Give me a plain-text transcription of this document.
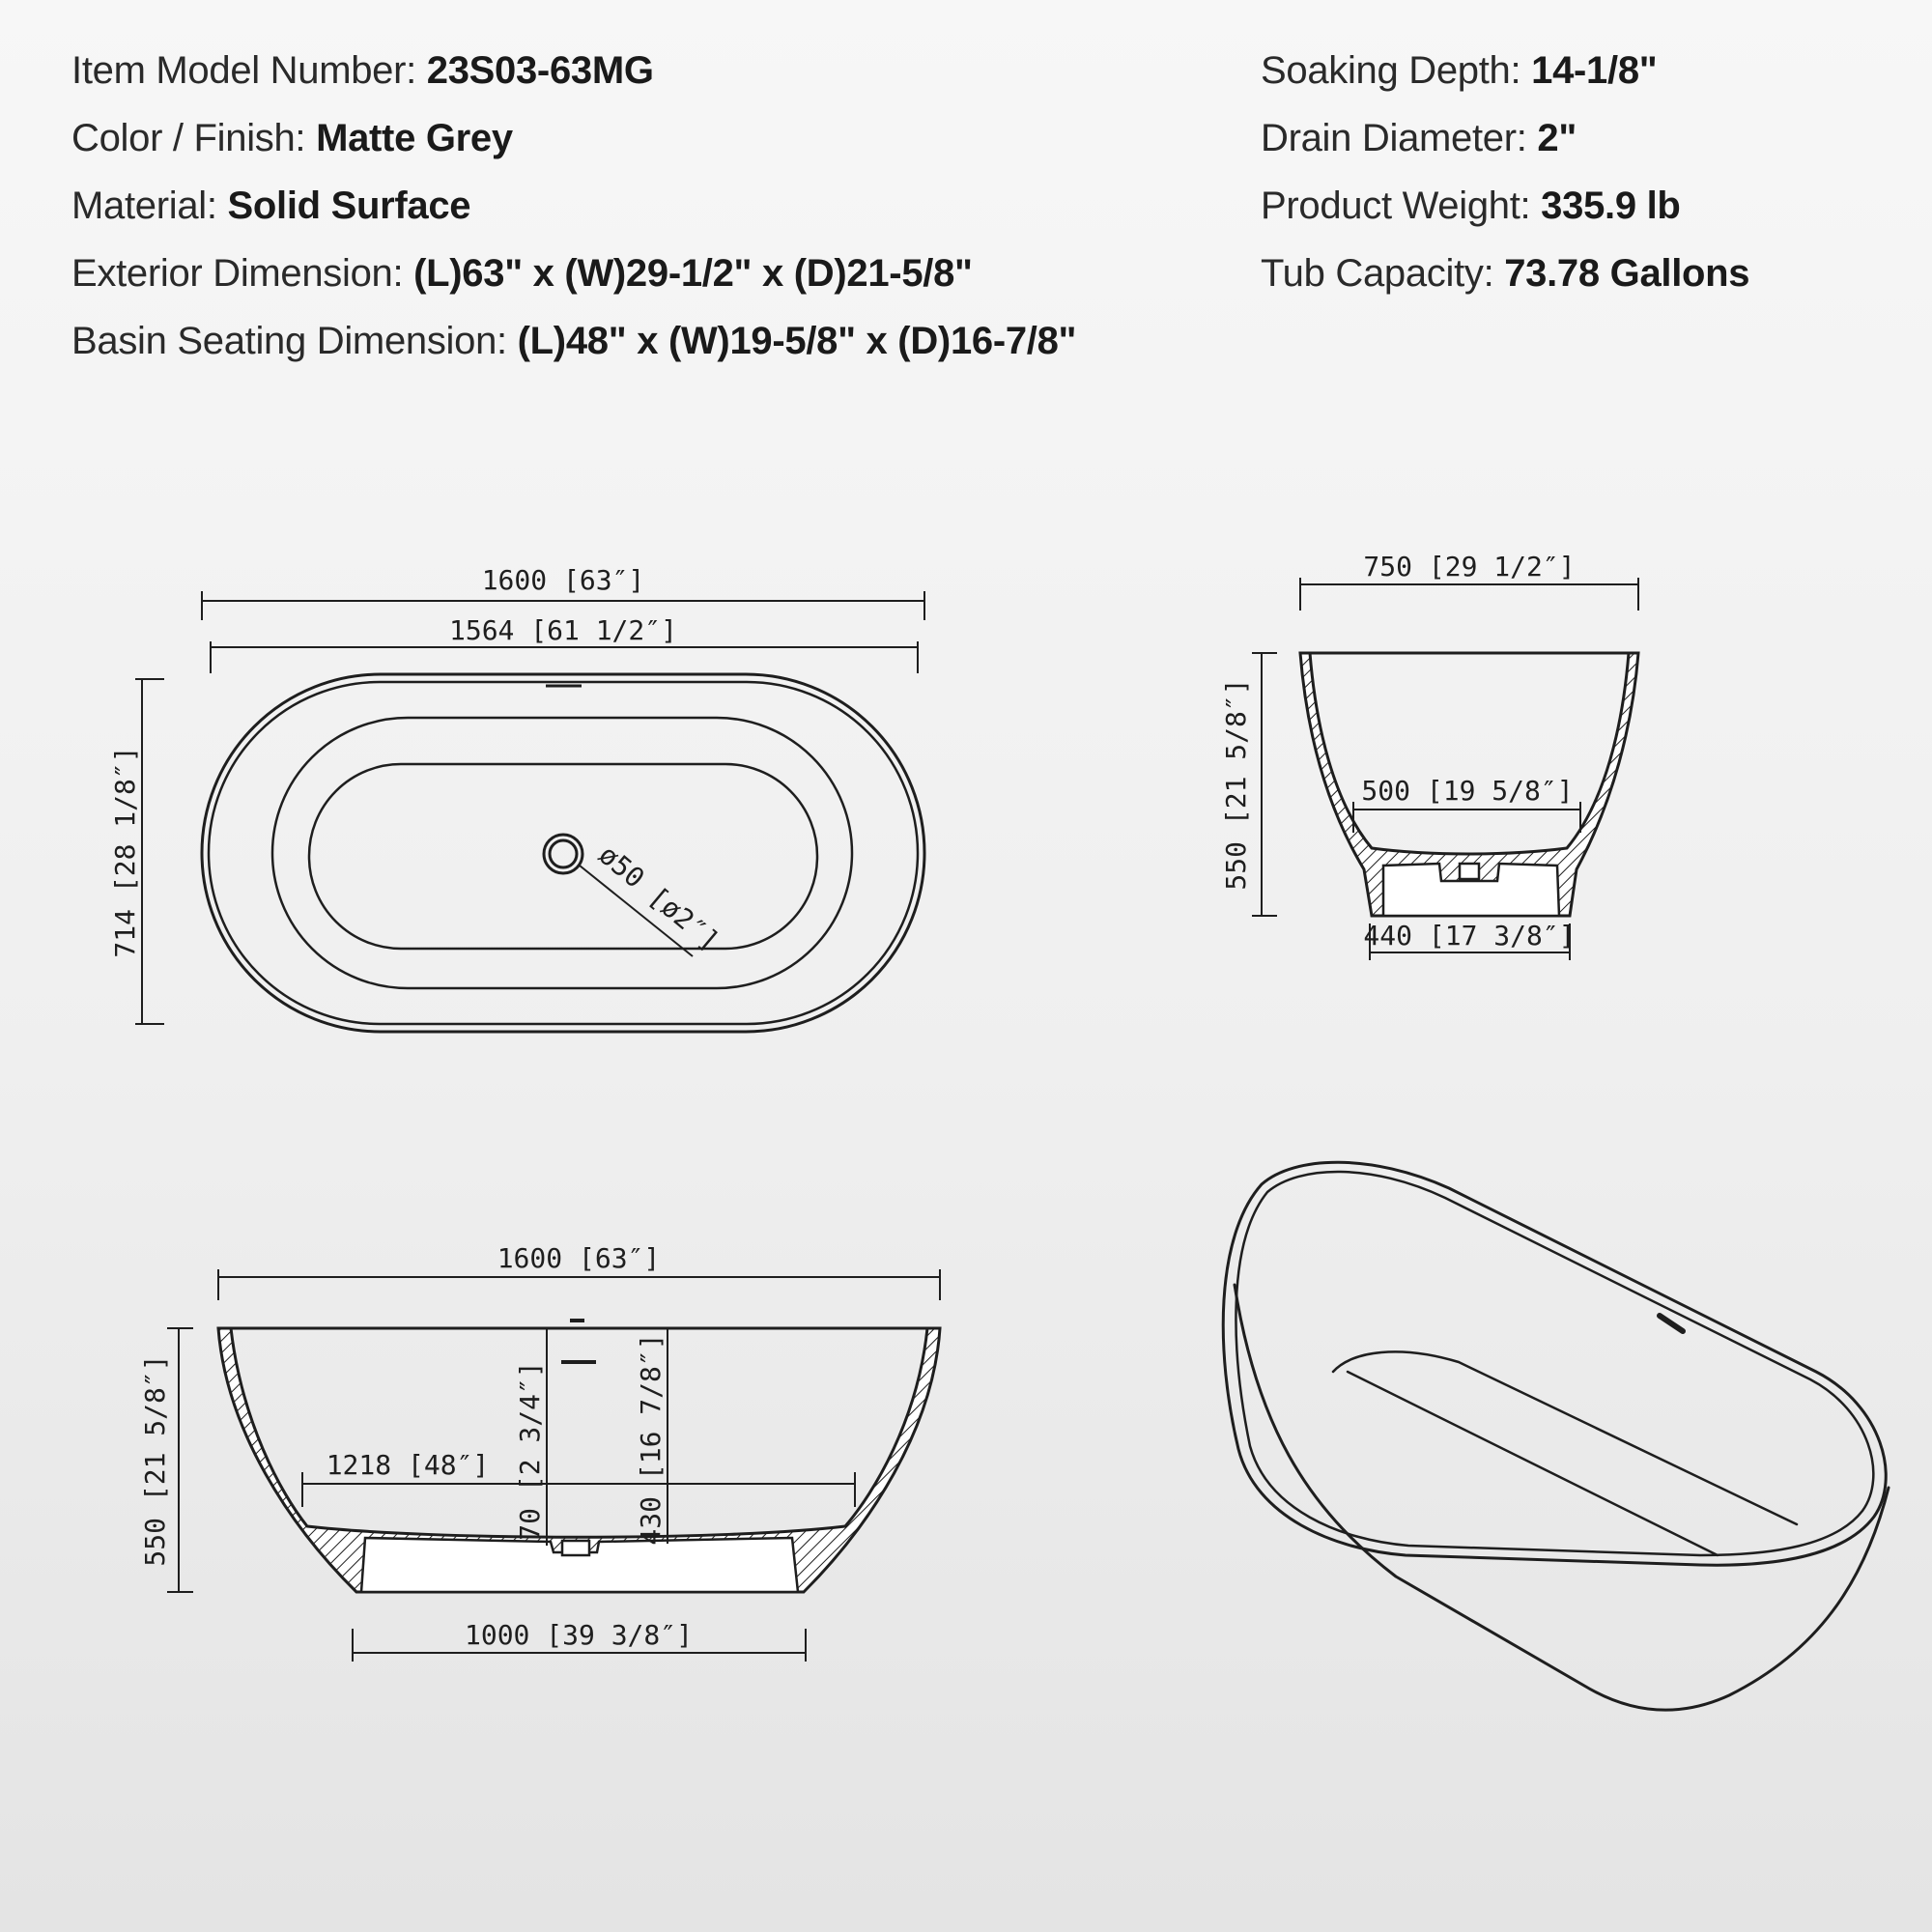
Item Model Number: 23S03-63MG
Color / Finish: Matte Grey
Material: Solid Surface
Exterior Dimension: (L)63" x (W)29-1/2" x (D)21-5/8"
Basin Seating Dimension: (L)48" x (W)19-5/8" x (D)16-7/8"
Soaking Depth: 14-1/8"
Drain Diameter: 2"
Product Weight: 335.9 lb
Tub Capacity: 73.78 Gallons
ø50 [ø2″]
1600 [63″]
1564 [61 1/2″]
714 [28 1/8″]
750 [29 1/2″]
550 [21 5/8″]	500 [19 5/8″]
440 [17 3/8″]
1600 [63″]
550 [21 5/8″]	1218 [48″] 70 [2 3/4″]	430 [16 7/8″]
1000 [39 3/8″]
